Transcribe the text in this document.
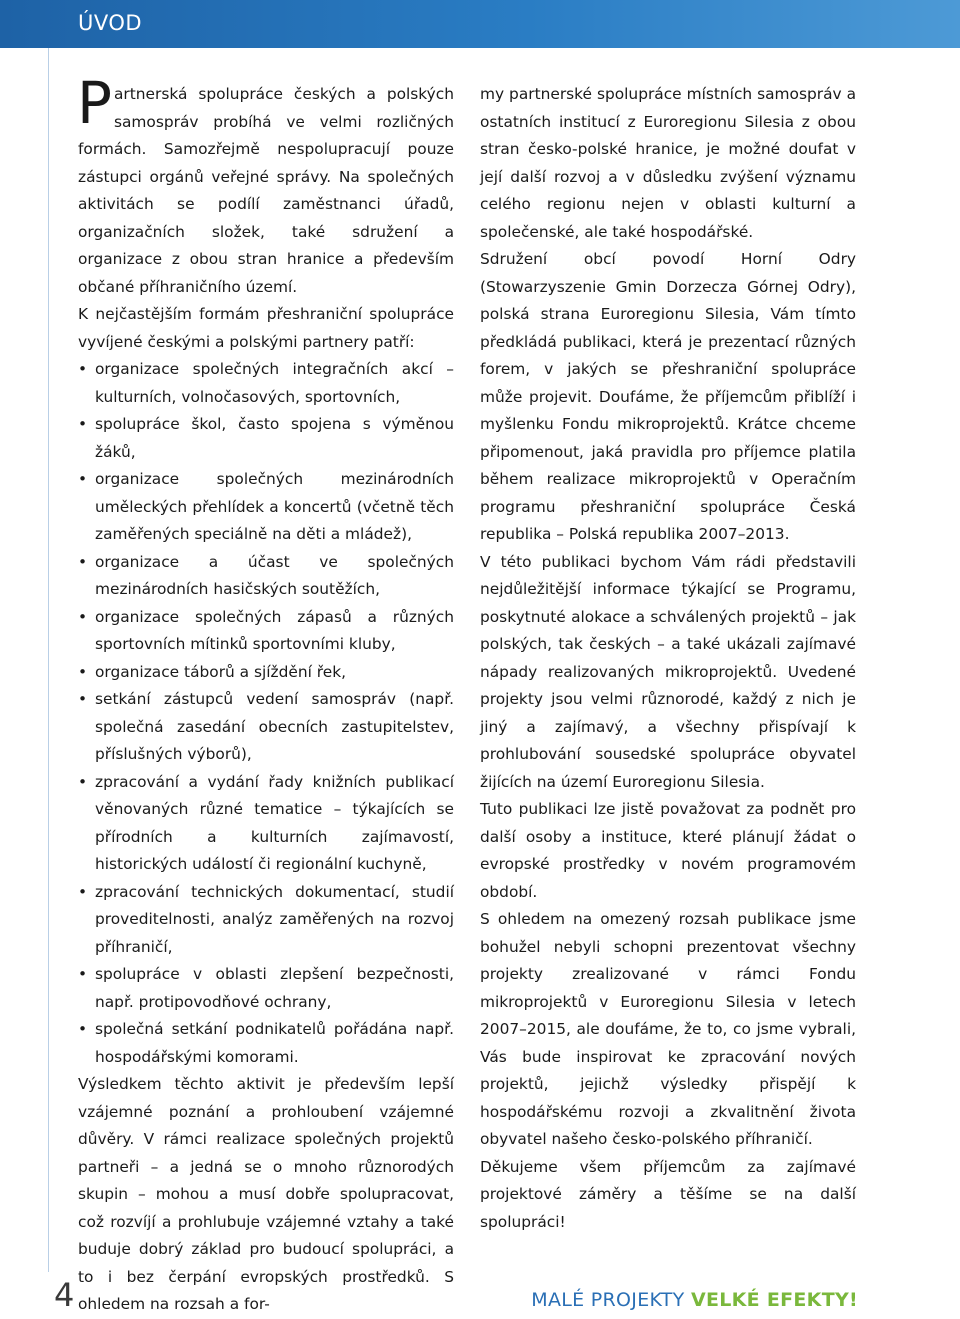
ÚVOD

Partnerská spolupráce českých a polských samospráv probíhá ve velmi rozličných formách. Samozřejmě nespolupracují pouze zástupci orgánů veřejné správy. Na společných aktivitách se podílí zaměstnanci úřadů, organizačních složek, také sdružení a organizace z obou stran hranice a především občané příhraničního území.

K nejčastějším formám přeshraniční spolupráce vyvíjené českými a polskými partnery patří:

• organizace společných integračních akcí – kulturních, volnočasových, sportovních,
• spolupráce škol, často spojena s výměnou žáků,
• organizace společných mezinárodních uměleckých přehlídek a koncertů (včetně těch zaměřených speciálně na děti a mládež),
• organizace a účast ve společných mezinárodních hasičských soutěžích,
• organizace společných zápasů a různých sportovních mítinků sportovními kluby,
• organizace táborů a sjíždění řek,
• setkání zástupců vedení samospráv (např. společná zasedání obecních zastupitelstev, příslušných výborů),
• zpracování a vydání řady knižních publikací věnovaných různé tematice – týkajících se přírodních a kulturních zajímavostí, historických událostí či regionální kuchyně,
• zpracování technických dokumentací, studií proveditelnosti, analýz zaměřených na rozvoj příhraničí,
• spolupráce v oblasti zlepšení bezpečnosti, např. protipovodňové ochrany,
• společná setkání podnikatelů pořádána např. hospodářskými komorami.

Výsledkem těchto aktivit je především lepší vzájemné poznání a prohloubení vzájemné důvěry. V rámci realizace společných projektů partneři – a jedná se o mnoho různorodých skupin – mohou a musí dobře spolupracovat, což rozvíjí a prohlubuje vzájemné vztahy a také buduje dobrý základ pro budoucí spolupráci, a to i bez čerpání evropských prostředků. S ohledem na rozsah a for-

my partnerské spolupráce místních samospráv a ostatních institucí z Euroregionu Silesia z obou stran česko-polské hranice, je možné doufat v její další rozvoj a v důsledku zvýšení významu celého regionu nejen v oblasti kulturní a společenské, ale také hospodářské.

Sdružení obcí povodí Horní Odry (Stowarzyszenie Gmin Dorzecza Górnej Odry), polská strana Euroregionu Silesia, Vám tímto předkládá publikaci, která je prezentací různých forem, v jakých se přeshraniční spolupráce může projevit. Doufáme, že příjemcům přiblíží i myšlenku Fondu mikroprojektů. Krátce chceme připomenout, jaká pravidla pro příjemce platila během realizace mikroprojektů v Operačním programu přeshraniční spolupráce Česká republika – Polská republika 2007–2013.

V této publikaci bychom Vám rádi představili nejdůležitější informace týkající se Programu, poskytnuté alokace a schválených projektů – jak polských, tak českých – a také ukázali zajímavé nápady realizovaných mikroprojektů. Uvedené projekty jsou velmi různorodé, každý z nich je jiný a zajímavý, a všechny přispívají k prohlubování sousedské spolupráce obyvatel žijících na území Euroregionu Silesia.

Tuto publikaci lze jistě považovat za podnět pro další osoby a instituce, které plánují žádat o evropské prostředky v novém programovém období.

S ohledem na omezený rozsah publikace jsme bohužel nebyli schopni prezentovat všechny projekty zrealizované v rámci Fondu mikroprojektů v Euroregionu Silesia v letech 2007–2015, ale doufáme, že to, co jsme vybrali, Vás bude inspirovat ke zpracování nových projektů, jejichž výsledky přispějí k hospodářskému rozvoji a zkvalitnění života obyvatel našeho česko-polského příhraničí.

Děkujeme všem příjemcům za zajímavé projektové záměry a těšíme se na další spolupráci!

4	MALÉ PROJEKTY VELKÉ EFEKTY!
